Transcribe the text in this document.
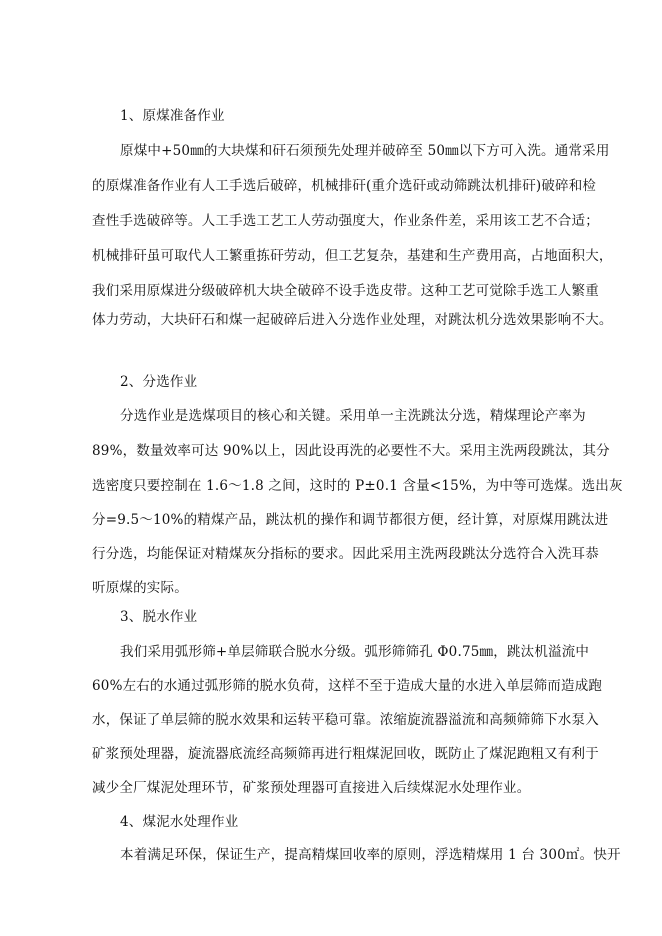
1、原煤准备作业
原煤中+50㎜的大块煤和矸石须预先处理并破碎至 50㎜以下方可入洗。通常采用
的原煤准备作业有人工手选后破碎，机械排矸(重介选矸或动筛跳汰机排矸)破碎和检
查性手选破碎等。人工手选工艺工人劳动强度大，作业条件差，采用该工艺不合适；
机械排矸虽可取代人工繁重拣矸劳动，但工艺复杂，基建和生产费用高，占地面积大，
我们采用原煤进分级破碎机大块全破碎不设手选皮带。这种工艺可觉除手选工人繁重
体力劳动，大块矸石和煤一起破碎后进入分选作业处理，对跳汰机分选效果影响不大。
2、分选作业
分选作业是选煤项目的核心和关键。采用单一主洗跳汰分选，精煤理论产率为
89%，数量效率可达 90%以上，因此设再洗的必要性不大。采用主洗两段跳汰，其分
选密度只要控制在 1.6～1.8 之间，这时的 P±0.1 含量<15%，为中等可选煤。选出灰
分=9.5～10%的精煤产品，跳汰机的操作和调节都很方便，经计算，对原煤用跳汰进
行分选，均能保证对精煤灰分指标的要求。因此采用主洗两段跳汰分选符合入洗耳恭
听原煤的实际。
3、脱水作业
我们采用弧形筛+单层筛联合脱水分级。弧形筛筛孔 Φ0.75㎜，跳汰机溢流中
60%左右的水通过弧形筛的脱水负荷，这样不至于造成大量的水进入单层筛而造成跑
水，保证了单层筛的脱水效果和运转平稳可靠。浓缩旋流器溢流和高频筛筛下水泵入
矿浆预处理器，旋流器底流经高频筛再进行粗煤泥回收，既防止了煤泥跑粗又有利于
减少全厂煤泥处理环节，矿浆预处理器可直接进入后续煤泥水处理作业。
4、煤泥水处理作业
本着满足环保，保证生产，提高精煤回收率的原则，浮选精煤用 1 台 300㎡。快开
